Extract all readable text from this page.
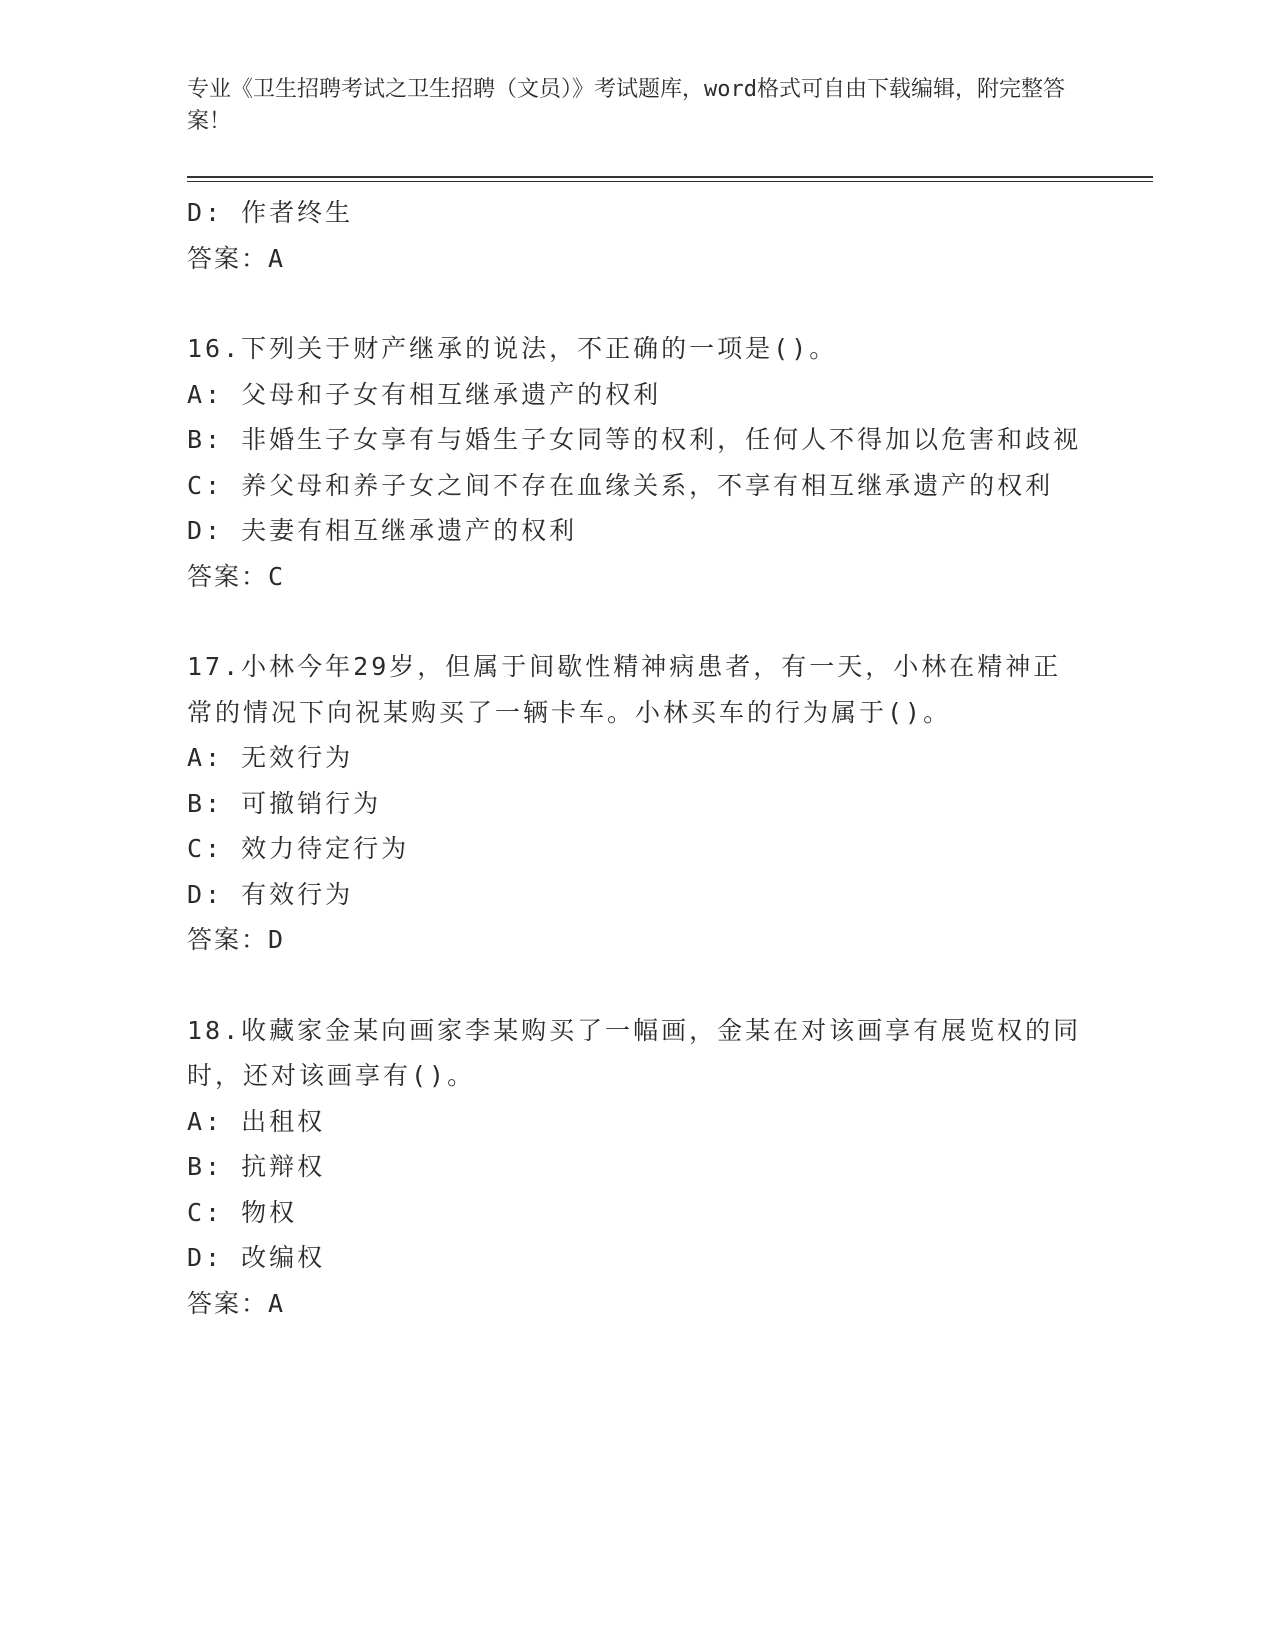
专业《卫生招聘考试之卫生招聘（文员）》考试题库，word格式可自由下载编辑，附完整答案！
D: 作者终生
答案：A
16.下列关于财产继承的说法，不正确的一项是()。
A: 父母和子女有相互继承遗产的权利
B: 非婚生子女享有与婚生子女同等的权利，任何人不得加以危害和歧视
C: 养父母和养子女之间不存在血缘关系，不享有相互继承遗产的权利
D: 夫妻有相互继承遗产的权利
答案：C
17.小林今年29岁，但属于间歇性精神病患者，有一天，小林在精神正常的情况下向祝某购买了一辆卡车。小林买车的行为属于()。
A: 无效行为
B: 可撤销行为
C: 效力待定行为
D: 有效行为
答案：D
18.收藏家金某向画家李某购买了一幅画，金某在对该画享有展览权的同时，还对该画享有()。
A: 出租权
B: 抗辩权
C: 物权
D: 改编权
答案：A
